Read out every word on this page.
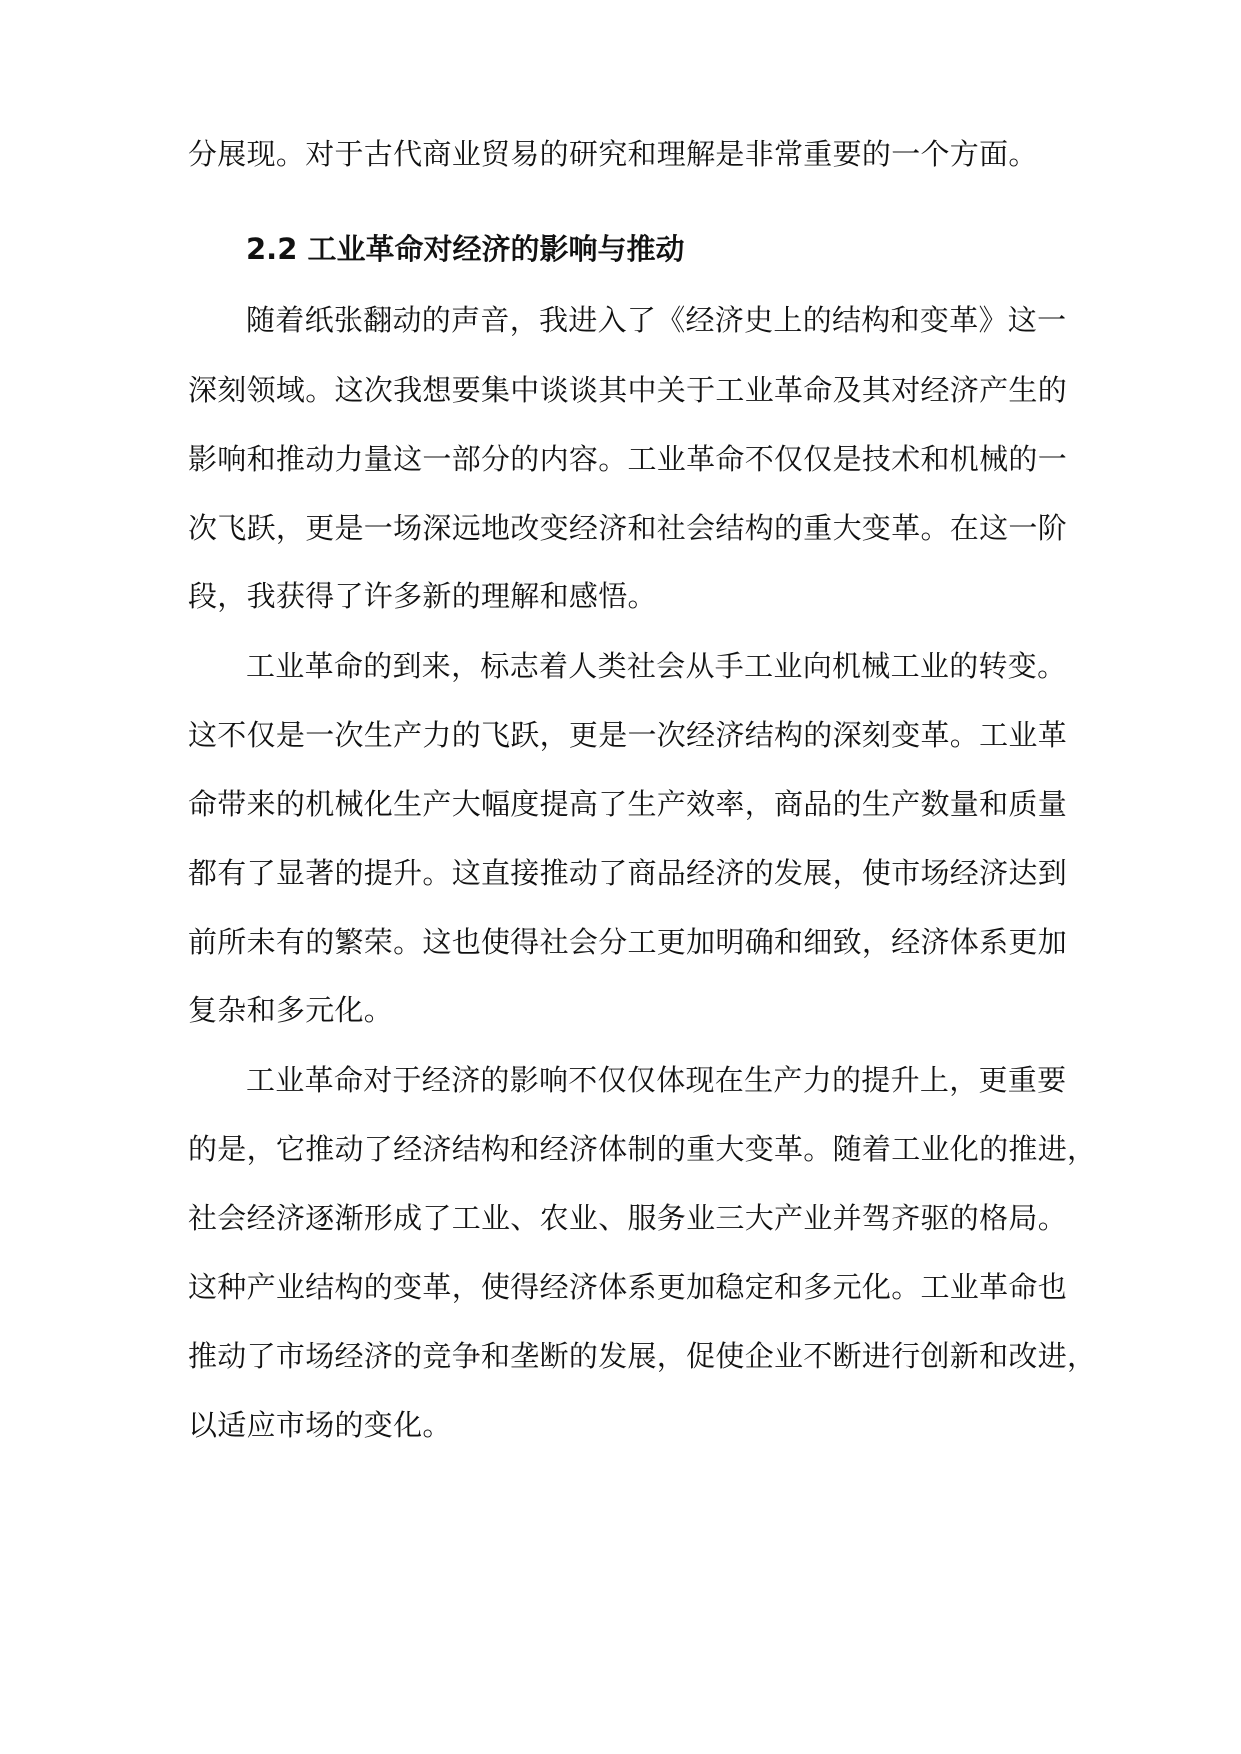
分展现。对于古代商业贸易的研究和理解是非常重要的一个方面。
2.2 工业革命对经济的影响与推动
随着纸张翻动的声音，我进入了《经济史上的结构和变革》这一
深刻领域。这次我想要集中谈谈其中关于工业革命及其对经济产生的
影响和推动力量这一部分的内容。工业革命不仅仅是技术和机械的一
次飞跃，更是一场深远地改变经济和社会结构的重大变革。在这一阶
段，我获得了许多新的理解和感悟。
工业革命的到来，标志着人类社会从手工业向机械工业的转变。
这不仅是一次生产力的飞跃，更是一次经济结构的深刻变革。工业革
命带来的机械化生产大幅度提高了生产效率，商品的生产数量和质量
都有了显著的提升。这直接推动了商品经济的发展，使市场经济达到
前所未有的繁荣。这也使得社会分工更加明确和细致，经济体系更加
复杂和多元化。
工业革命对于经济的影响不仅仅体现在生产力的提升上，更重要
的是，它推动了经济结构和经济体制的重大变革。随着工业化的推进，
社会经济逐渐形成了工业、农业、服务业三大产业并驾齐驱的格局。
这种产业结构的变革，使得经济体系更加稳定和多元化。工业革命也
推动了市场经济的竞争和垄断的发展，促使企业不断进行创新和改进，
以适应市场的变化。
